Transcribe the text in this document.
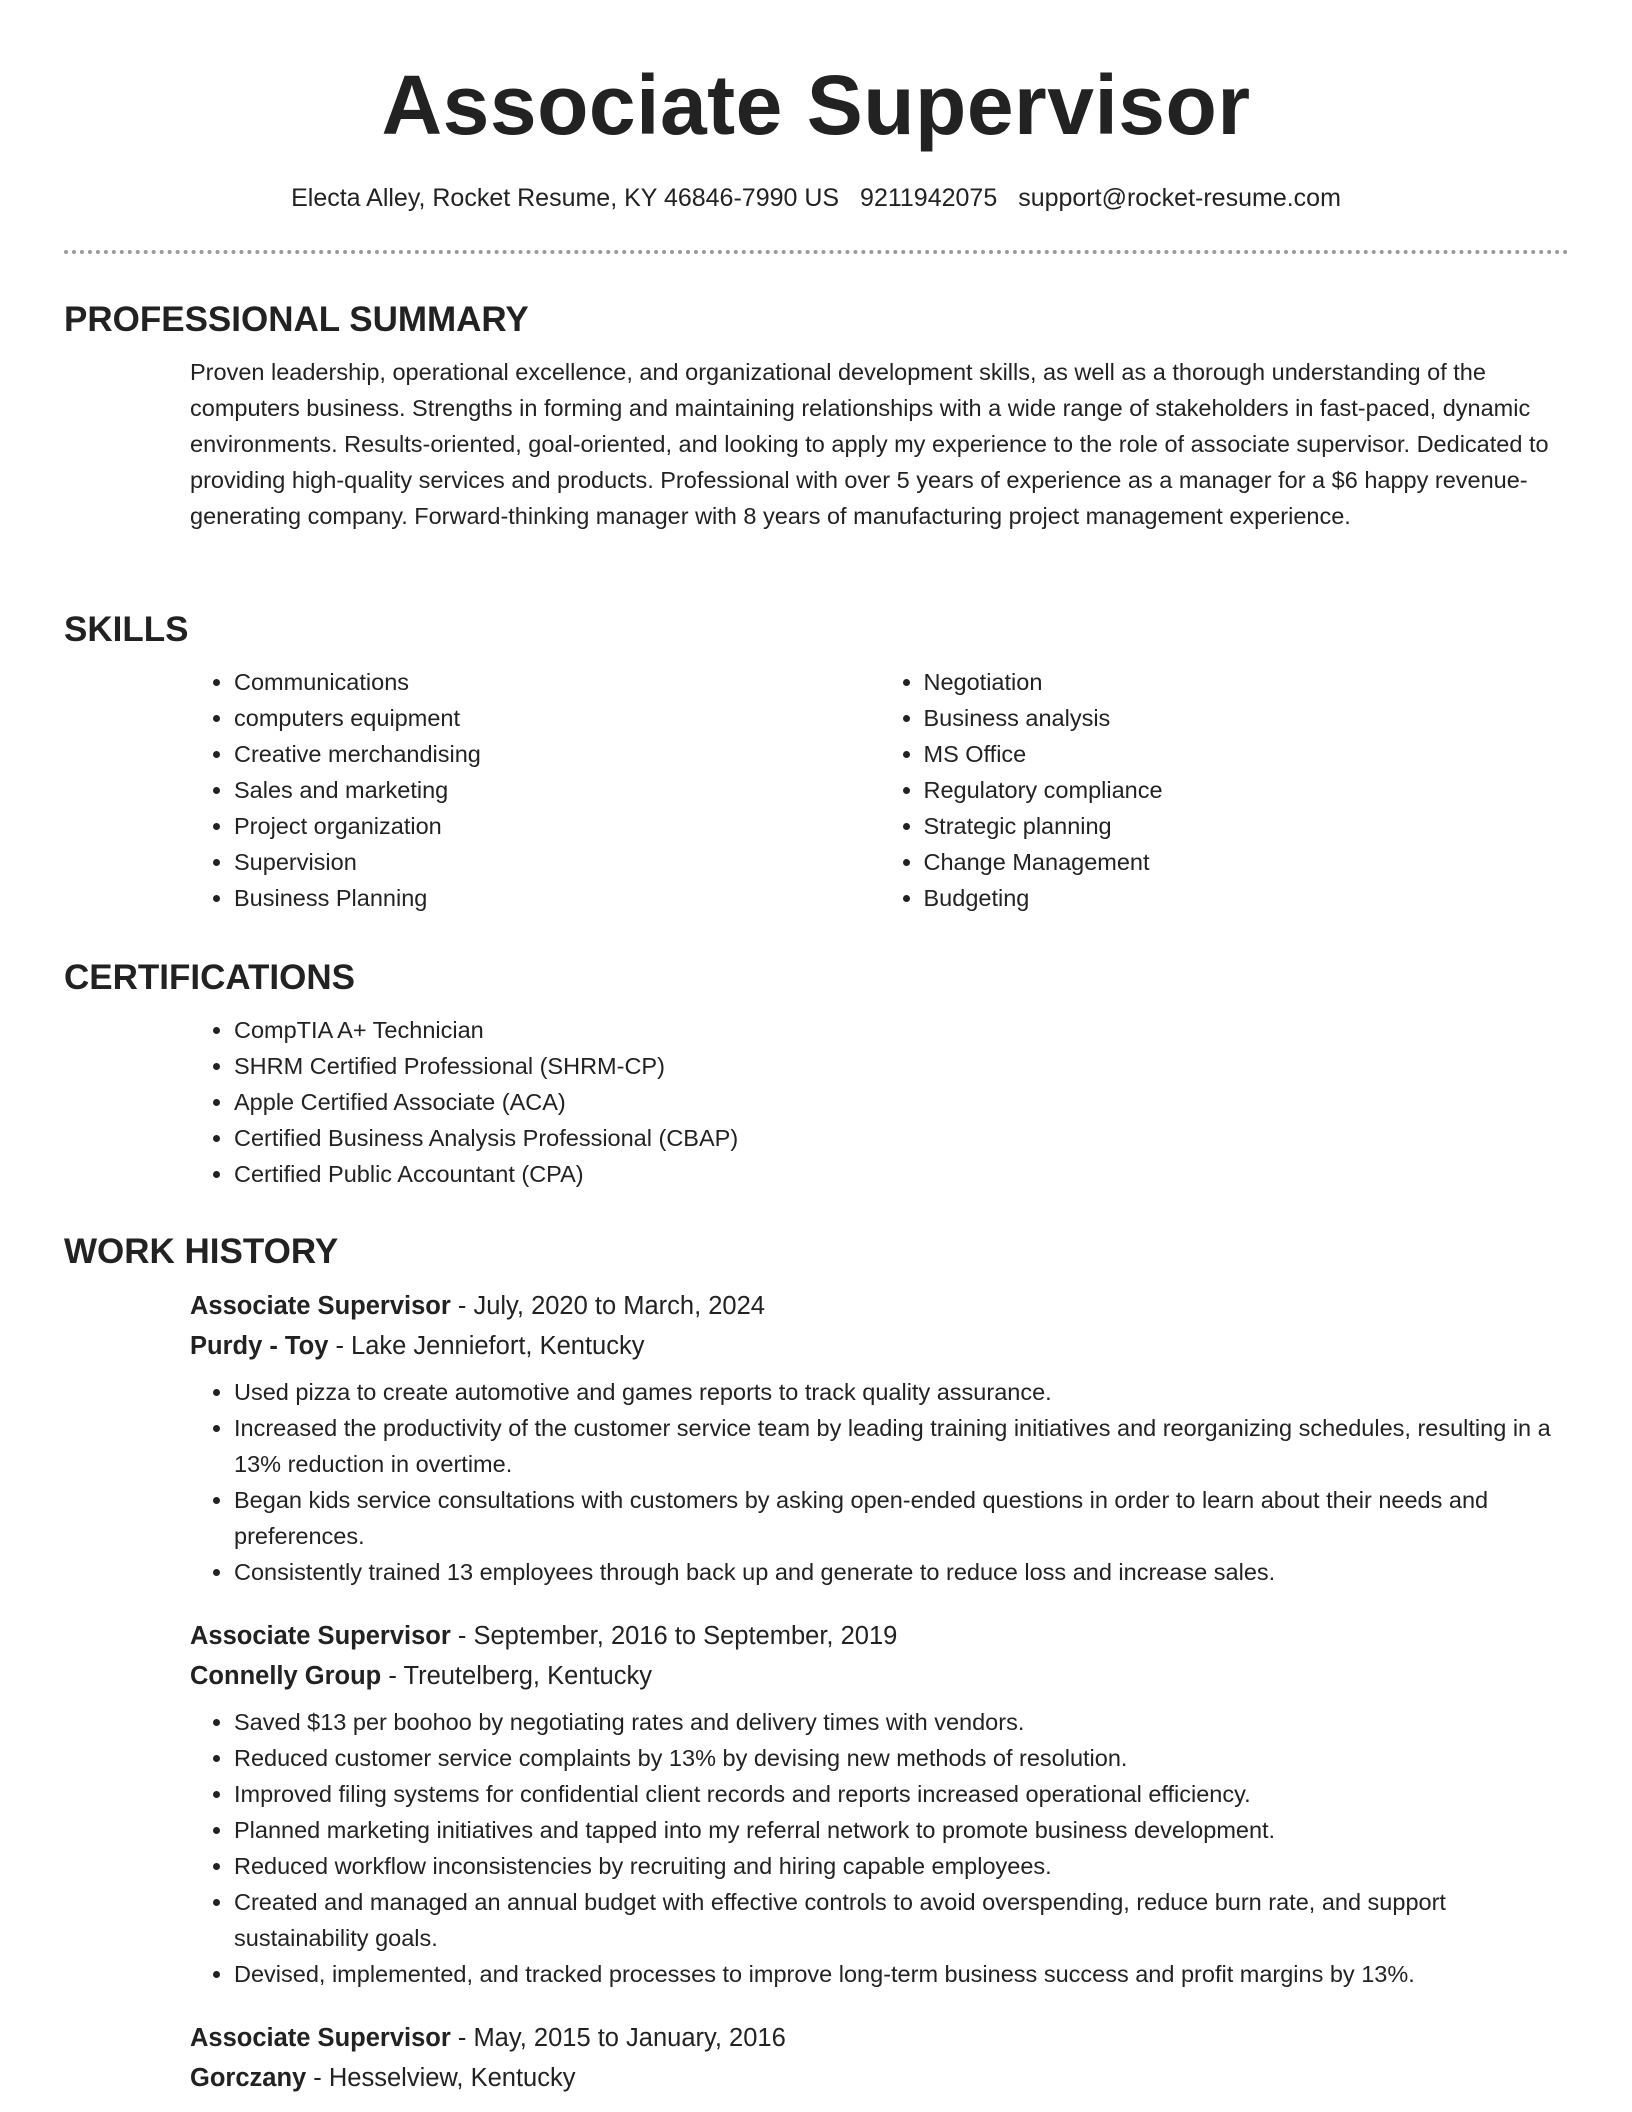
Associate Supervisor
Electa Alley, Rocket Resume, KY 46846-7990 US 9211942075 support@rocket-resume.com
PROFESSIONAL SUMMARY

Proven leadership, operational excellence, and organizational development skills, as well as a thorough understanding of the computers business. Strengths in forming and maintaining relationships with a wide range of stakeholders in fast-paced, dynamic environments. Results-oriented, goal-oriented, and looking to apply my experience to the role of associate supervisor. Dedicated to providing high-quality services and products. Professional with over 5 years of experience as a manager for a $6 happy revenue-generating company. Forward-thinking manager with 8 years of manufacturing project management experience.

SKILLS
• Communications
• computers equipment
• Creative merchandising
• Sales and marketing
• Project organization
• Supervision
• Business Planning
• Negotiation
• Business analysis
• MS Office
• Regulatory compliance
• Strategic planning
• Change Management
• Budgeting
CERTIFICATIONS
• CompTIA A+ Technician
• SHRM Certified Professional (SHRM-CP)
• Apple Certified Associate (ACA)
• Certified Business Analysis Professional (CBAP)
• Certified Public Accountant (CPA)
WORK HISTORY
Associate Supervisor - July, 2020 to March, 2024
Purdy - Toy - Lake Jenniefort, Kentucky
• Used pizza to create automotive and games reports to track quality assurance.
• Increased the productivity of the customer service team by leading training initiatives and reorganizing schedules, resulting in a 13% reduction in overtime.
• Began kids service consultations with customers by asking open-ended questions in order to learn about their needs and preferences.
• Consistently trained 13 employees through back up and generate to reduce loss and increase sales.
Associate Supervisor - September, 2016 to September, 2019
Connelly Group - Treutelberg, Kentucky
• Saved $13 per boohoo by negotiating rates and delivery times with vendors.
• Reduced customer service complaints by 13% by devising new methods of resolution.
• Improved filing systems for confidential client records and reports increased operational efficiency.
• Planned marketing initiatives and tapped into my referral network to promote business development.
• Reduced workflow inconsistencies by recruiting and hiring capable employees.
• Created and managed an annual budget with effective controls to avoid overspending, reduce burn rate, and support sustainability goals.
• Devised, implemented, and tracked processes to improve long-term business success and profit margins by 13%.
Associate Supervisor - May, 2015 to January, 2016
Gorczany - Hesselview, Kentucky
